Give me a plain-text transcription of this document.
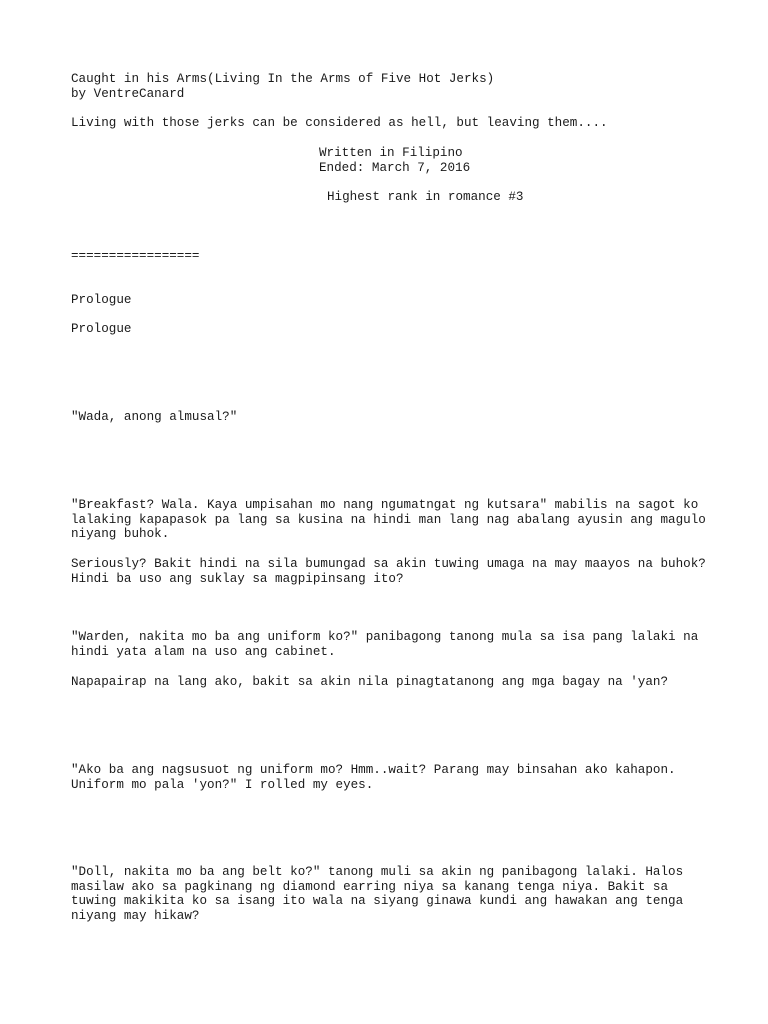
Caught in his Arms(Living In the Arms of Five Hot Jerks)

by VentreCanard

Living with those jerks can be considered as hell, but leaving them....

Written in Filipino

Ended: March 7, 2016

Highest rank in romance #3

=================

Prologue

Prologue

"Wada, anong almusal?"

"Breakfast? Wala. Kaya umpisahan mo nang ngumatngat ng kutsara" mabilis na sagot ko lalaking kapapasok pa lang sa kusina na hindi man lang nag abalang ayusin ang magulo niyang buhok.

Seriously? Bakit hindi na sila bumungad sa akin tuwing umaga na may maayos na buhok? Hindi ba uso ang suklay sa magpipinsang ito?

"Warden, nakita mo ba ang uniform ko?" panibagong tanong mula sa isa pang lalaki na hindi yata alam na uso ang cabinet.

Napapairap na lang ako, bakit sa akin nila pinagtatanong ang mga bagay na 'yan?

"Ako ba ang nagsusuot ng uniform mo? Hmm..wait? Parang may binsahan ako kahapon. Uniform mo pala 'yon?" I rolled my eyes.

"Doll, nakita mo ba ang belt ko?" tanong muli sa akin ng panibagong lalaki. Halos masilaw ako sa pagkinang ng diamond earring niya sa kanang tenga niya. Bakit sa tuwing makikita ko sa isang ito wala na siyang ginawa kundi ang hawakan ang tenga niyang may hikaw?
